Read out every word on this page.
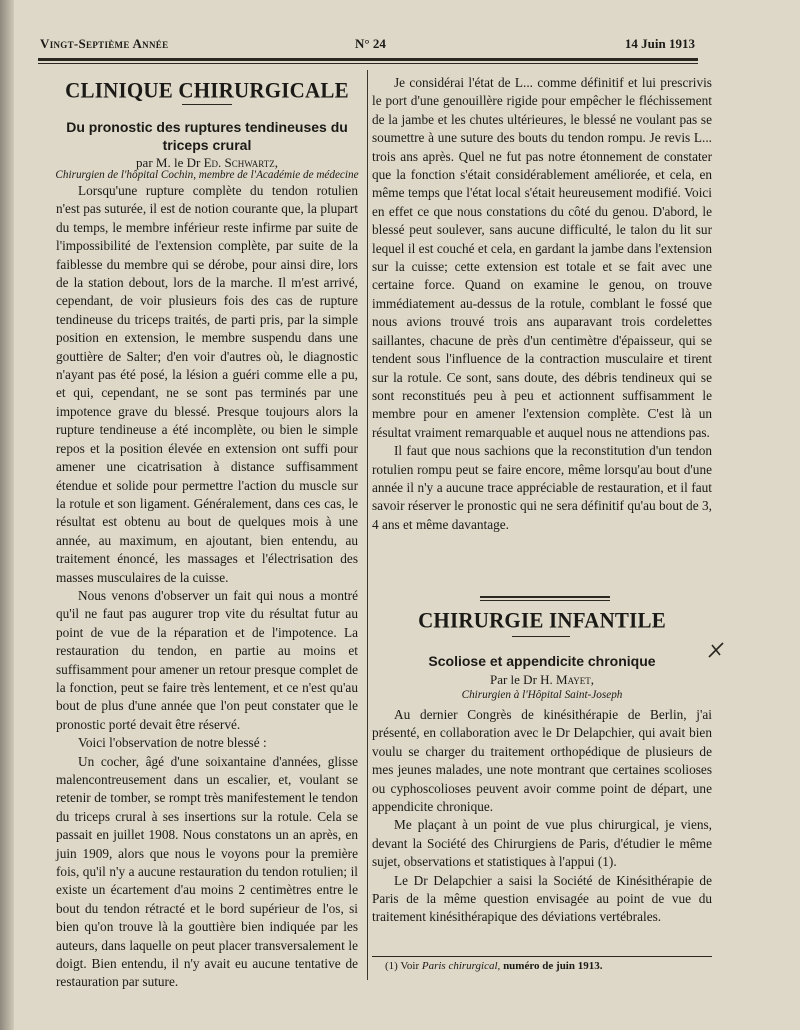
Vingt-Septième Année	N° 24	14 Juin 1913
CLINIQUE CHIRURGICALE
Du pronostic des ruptures tendineuses du triceps crural
par M. le Dr Ed. Schwartz,
Chirurgien de l'hôpital Cochin, membre de l'Académie de médecine

Lorsqu'une rupture complète du tendon rotulien n'est pas suturée, il est de notion courante que, la plupart du temps, le membre inférieur reste infirme par suite de l'impossibilité de l'extension complète, par suite de la faiblesse du membre qui se dérobe, pour ainsi dire, lors de la station debout, lors de la marche. Il m'est arrivé, cependant, de voir plusieurs fois des cas de rupture tendineuse du triceps traités, de parti pris, par la simple position en extension, le membre suspendu dans une gouttière de Salter; d'en voir d'autres où, le diagnostic n'ayant pas été posé, la lésion a guéri comme elle a pu, et qui, cependant, ne se sont pas terminés par une impotence grave du blessé. Presque toujours alors la rupture tendineuse a été incomplète, ou bien le simple repos et la position élevée en extension ont suffi pour amener une cicatrisation à distance suffisamment étendue et solide pour permettre l'action du muscle sur la rotule et son ligament. Généralement, dans ces cas, le résultat est obtenu au bout de quelques mois à une année, au maximum, en ajoutant, bien entendu, au traitement énoncé, les massages et l'électrisation des masses musculaires de la cuisse.

Nous venons d'observer un fait qui nous a montré qu'il ne faut pas augurer trop vite du résultat futur au point de vue de la réparation et de l'impotence. La restauration du tendon, en partie au moins et suffisamment pour amener un retour presque complet de la fonction, peut se faire très lentement, et ce n'est qu'au bout de plus d'une année que l'on peut constater que le pronostic porté devait être réservé.

Voici l'observation de notre blessé :

Un cocher, âgé d'une soixantaine d'années, glisse malencontreusement dans un escalier, et, voulant se retenir de tomber, se rompt très manifestement le tendon du triceps crural à ses insertions sur la rotule. Cela se passait en juillet 1908. Nous constatons un an après, en juin 1909, alors que nous le voyons pour la première fois, qu'il n'y a aucune restauration du tendon rotulien; il existe un écartement d'au moins 2 centimètres entre le bout du tendon rétracté et le bord supérieur de l'os, si bien qu'on trouve là la gouttière bien indiquée par les auteurs, dans laquelle on peut placer transversalement le doigt. Bien entendu, il n'y avait eu aucune tentative de restauration par suture.

Je considérai l'état de L... comme définitif et lui prescrivis le port d'une genouillère rigide pour empêcher le fléchissement de la jambe et les chutes ultérieures, le blessé ne voulant pas se soumettre à une suture des bouts du tendon rompu. Je revis L... trois ans après. Quel ne fut pas notre étonnement de constater que la fonction s'était considérablement améliorée, et cela, en même temps que l'état local s'était heureusement modifié. Voici en effet ce que nous constations du côté du genou. D'abord, le blessé peut soulever, sans aucune difficulté, le talon du lit sur lequel il est couché et cela, en gardant la jambe dans l'extension sur la cuisse; cette extension est totale et se fait avec une certaine force. Quand on examine le genou, on trouve immédiatement au-dessus de la rotule, comblant le fossé que nous avions trouvé trois ans auparavant trois cordelettes saillantes, chacune de près d'un centimètre d'épaisseur, qui se tendent sous l'influence de la contraction musculaire et tirent sur la rotule. Ce sont, sans doute, des débris tendineux qui se sont reconstitués peu à peu et actionnent suffisamment le membre pour en amener l'extension complète. C'est là un résultat vraiment remarquable et auquel nous ne attendions pas.

Il faut que nous sachions que la reconstitution d'un tendon rotulien rompu peut se faire encore, même lorsqu'au bout d'une année il n'y a aucune trace appréciable de restauration, et il faut savoir réserver le pronostic qui ne sera définitif qu'au bout de 3, 4 ans et même davantage.

CHIRURGIE INFANTILE
Scoliose et appendicite chronique
Par le Dr H. Mayet,
Chirurgien à l'Hôpital Saint-Joseph

Au dernier Congrès de kinésithérapie de Berlin, j'ai présenté, en collaboration avec le Dr Delapchier, qui avait bien voulu se charger du traitement orthopédique de plusieurs de mes jeunes malades, une note montrant que certaines scolioses ou cyphoscolioses peuvent avoir comme point de départ, une appendicite chronique.

Me plaçant à un point de vue plus chirurgical, je viens, devant la Société des Chirurgiens de Paris, d'étudier le même sujet, observations et statistiques à l'appui (1).

Le Dr Delapchier a saisi la Société de Kinésithérapie de Paris de la même question envisagée au point de vue du traitement kinésithérapique des déviations vertébrales.

(1) Voir Paris chirurgical, numéro de juin 1913.
